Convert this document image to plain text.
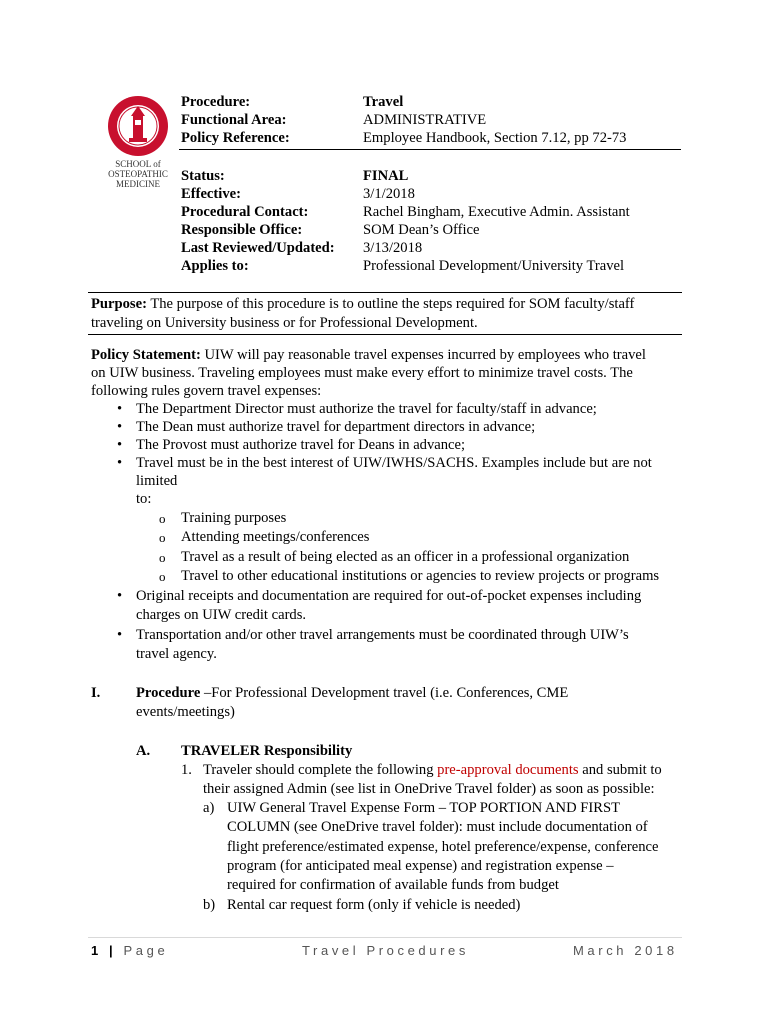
SCHOOL of
OSTEOPATHIC
MEDICINE
Procedure:	Travel
Functional Area:	ADMINISTRATIVE
Policy Reference:	Employee Handbook, Section 7.12, pp 72-73
Status:	FINAL
Effective:	3/1/2018
Procedural Contact:	Rachel Bingham, Executive Admin. Assistant
Responsible Office:	SOM Dean’s Office
Last Reviewed/Updated: 3/13/2018
Applies to:	Professional Development/University Travel
Purpose: The purpose of this procedure is to outline the steps required for SOM faculty/staff
traveling on University business or for Professional Development.
Policy Statement: UIW will pay reasonable travel expenses incurred by employees who travel
on UIW business. Traveling employees must make every effort to minimize travel costs. The
following rules govern travel expenses:
• The Department Director must authorize the travel for faculty/staff in advance;
• The Dean must authorize travel for department directors in advance;
• The Provost must authorize travel for Deans in advance;
• Travel must be in the best interest of UIW/IWHS/SACHS. Examples include but are not
limited
to:
o Training purposes
o Attending meetings/conferences
o Travel as a result of being elected as an officer in a professional organization
o Travel to other educational institutions or agencies to review projects or programs
• Original receipts and documentation are required for out-of-pocket expenses including
charges on UIW credit cards.
• Transportation and/or other travel arrangements must be coordinated through UIW’s
travel agency.
I. Procedure –For Professional Development travel (i.e. Conferences, CME
events/meetings)
A. TRAVELER Responsibility
1. Traveler should complete the following pre-approval documents and submit to
their assigned Admin (see list in OneDrive Travel folder) as soon as possible:
a) UIW General Travel Expense Form – TOP PORTION AND FIRST
COLUMN (see OneDrive travel folder): must include documentation of
flight preference/estimated expense, hotel preference/expense, conference
program (for anticipated meal expense) and registration expense –
required for confirmation of available funds from budget
b) Rental car request form (only if vehicle is needed)
1 | Page	Travel Procedures	March 2018
